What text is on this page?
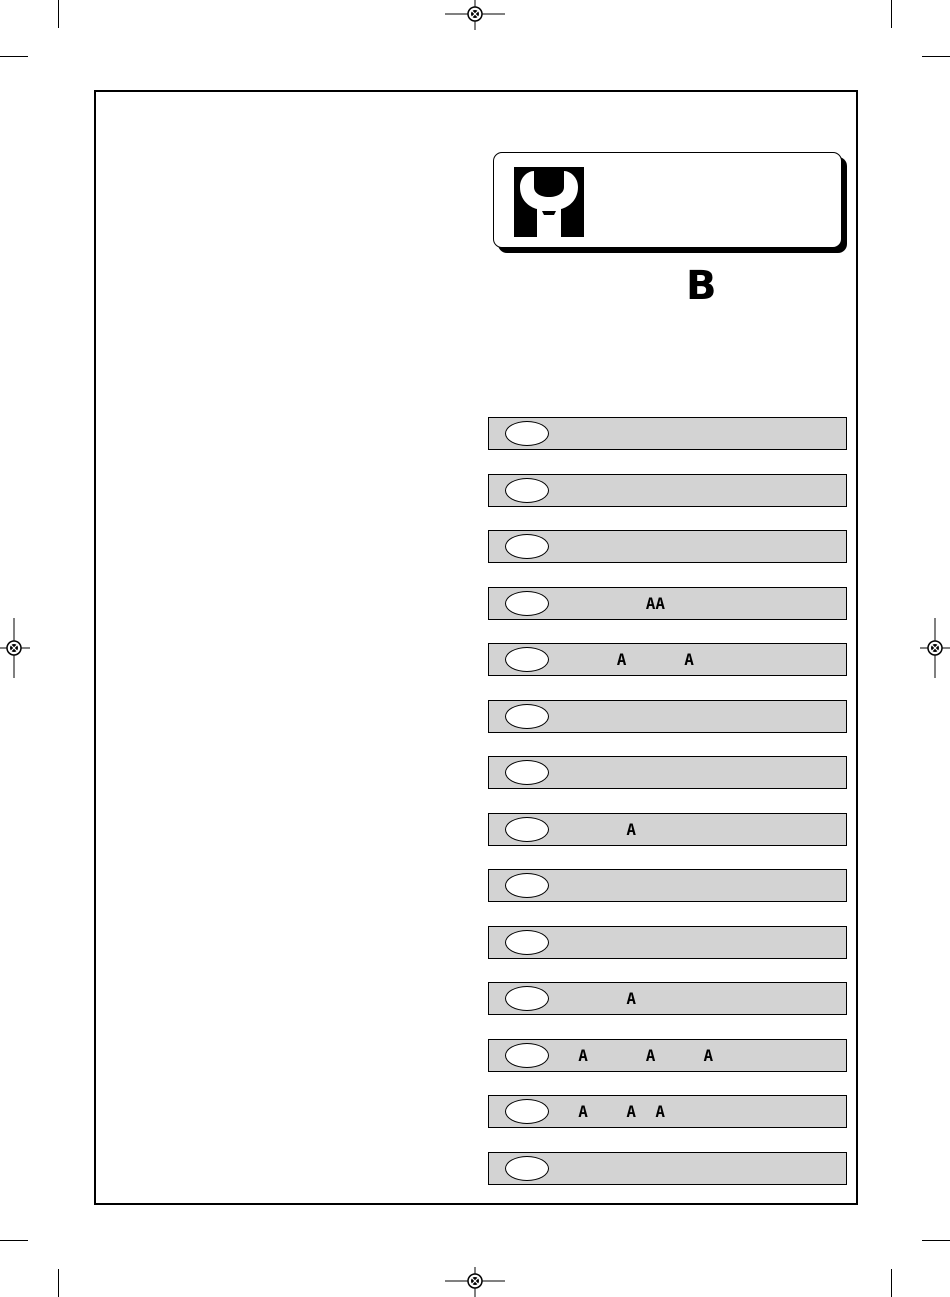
B
AA
A      A
A
A
A      A     A
A    A  A
